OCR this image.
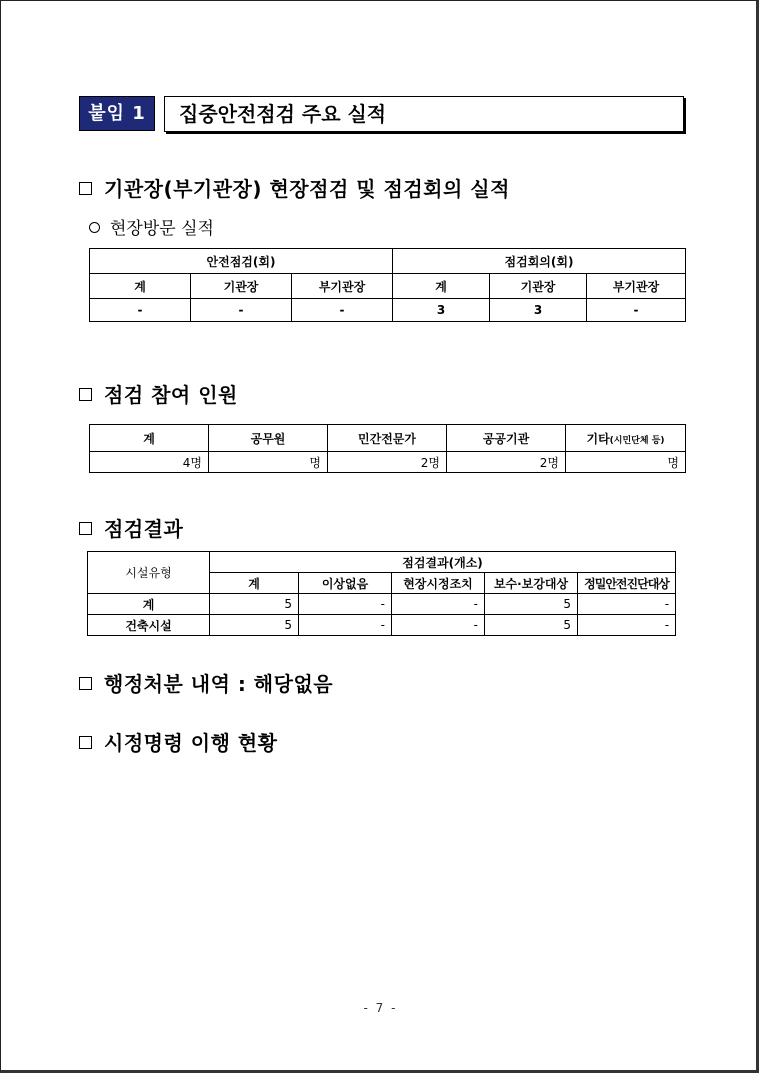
붙임 1	집중안전점검 주요 실적
기관장(부기관장) 현장점검 및 점검회의 실적
현장방문 실적
안전점검(회)			점검회의(회)		
계	기관장	부기관장	계	기관장	부기관장
-	-	-	3	3	-
점검 참여 인원
계	공무원	민간전문가	공공기관	기타(시민단체 등)
4명	명	2명	2명	명
점검결과
시설유형	점검결과(개소)				
	계	이상없음	현장시정조치	보수·보강대상	정밀안전진단대상
계	5	-	-	5	-
건축시설	5	-	-	5	-
행정처분 내역 : 해당없음
시정명령 이행 현황
- 7 -
